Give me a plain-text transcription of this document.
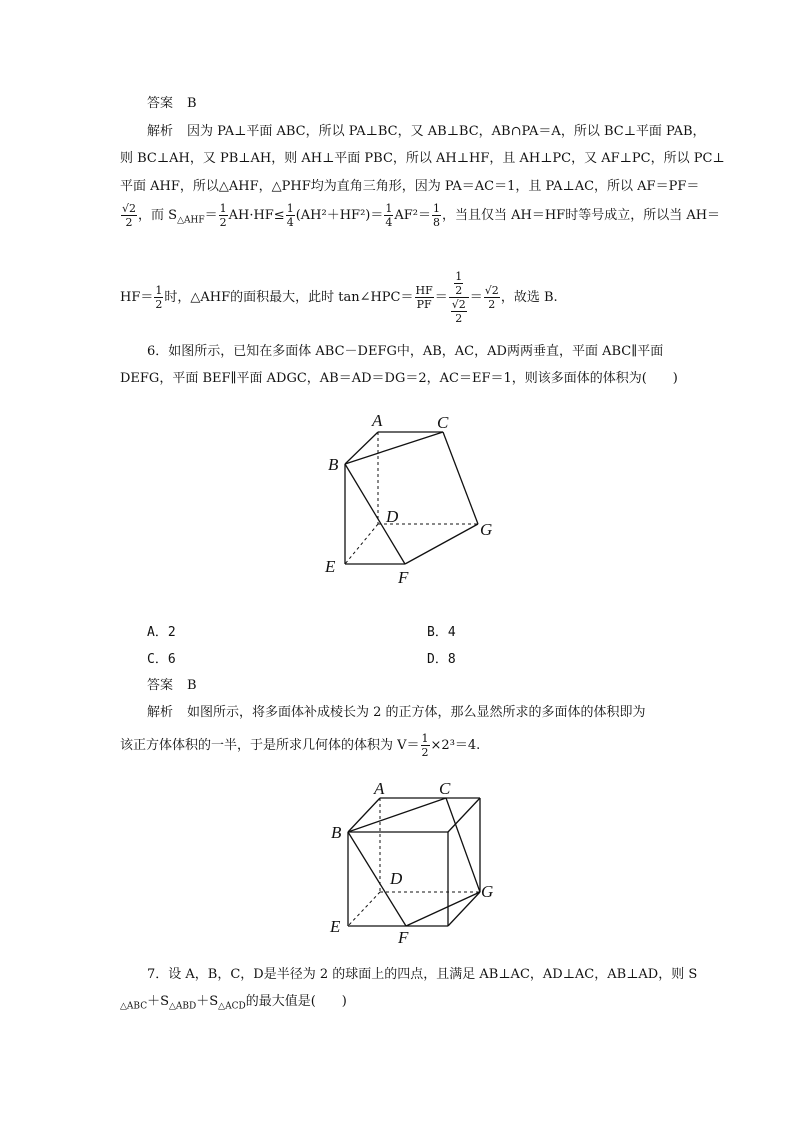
答案 B
解析 因为 PA⊥平面 ABC，所以 PA⊥BC，又 AB⊥BC，AB∩PA＝A，所以 BC⊥平面 PAB，
则 BC⊥AH，又 PB⊥AH，则 AH⊥平面 PBC，所以 AH⊥HF，且 AH⊥PC，又 AF⊥PC，所以 PC⊥
平面 AHF，所以△AHF，△PHF均为直角三角形，因为 PA＝AC＝1，且 PA⊥AC，所以 AF＝PF＝
$\frac{√2}{2}$ ，而 $S_{\triangle AHF}= \frac{1}{2} AH\cdot HF\le \frac{1}{4} (AH^2+HF^2)= \frac{1}{4} AF^2= \frac{1}{8}$ ，当且仅当 AH＝HF时等号成立，所以当 AH＝
$HF= \frac{1}{2}$ 时，△AHF的面积最大，此时 tan∠HPC＝ $\frac{HF}{PF} = \frac{\frac{1}{2}}{\frac{√2}{2}} = \frac{√2}{2}$ ，故选 B.
6．如图所示，已知在多面体 ABC－DEFG中，AB，AC，AD两两垂直，平面 ABC∥平面
DEFG，平面 BEF∥平面 ADGC，AB＝AD＝DG＝2，AC＝EF＝1，则该多面体的体积为(　　)
A	C
B
D
G
E
F
A．2	B．4
C．6	D．8
答案 B
解析 如图所示，将多面体补成棱长为 2 的正方体，那么显然所求的多面体的体积即为
该正方体体积的一半，于是所求几何体的体积为 $V= \frac{1}{2} \times 2^3=4$.
A	C
B
D
G
E
F
7．设 A，B，C，D是半径为 2 的球面上的四点，且满足 AB⊥AC，AD⊥AC，AB⊥AD，则 S
$_{\triangle ABC}+S_{\triangle ABD}+S_{\triangle ACD}$的最大值是(　　)
